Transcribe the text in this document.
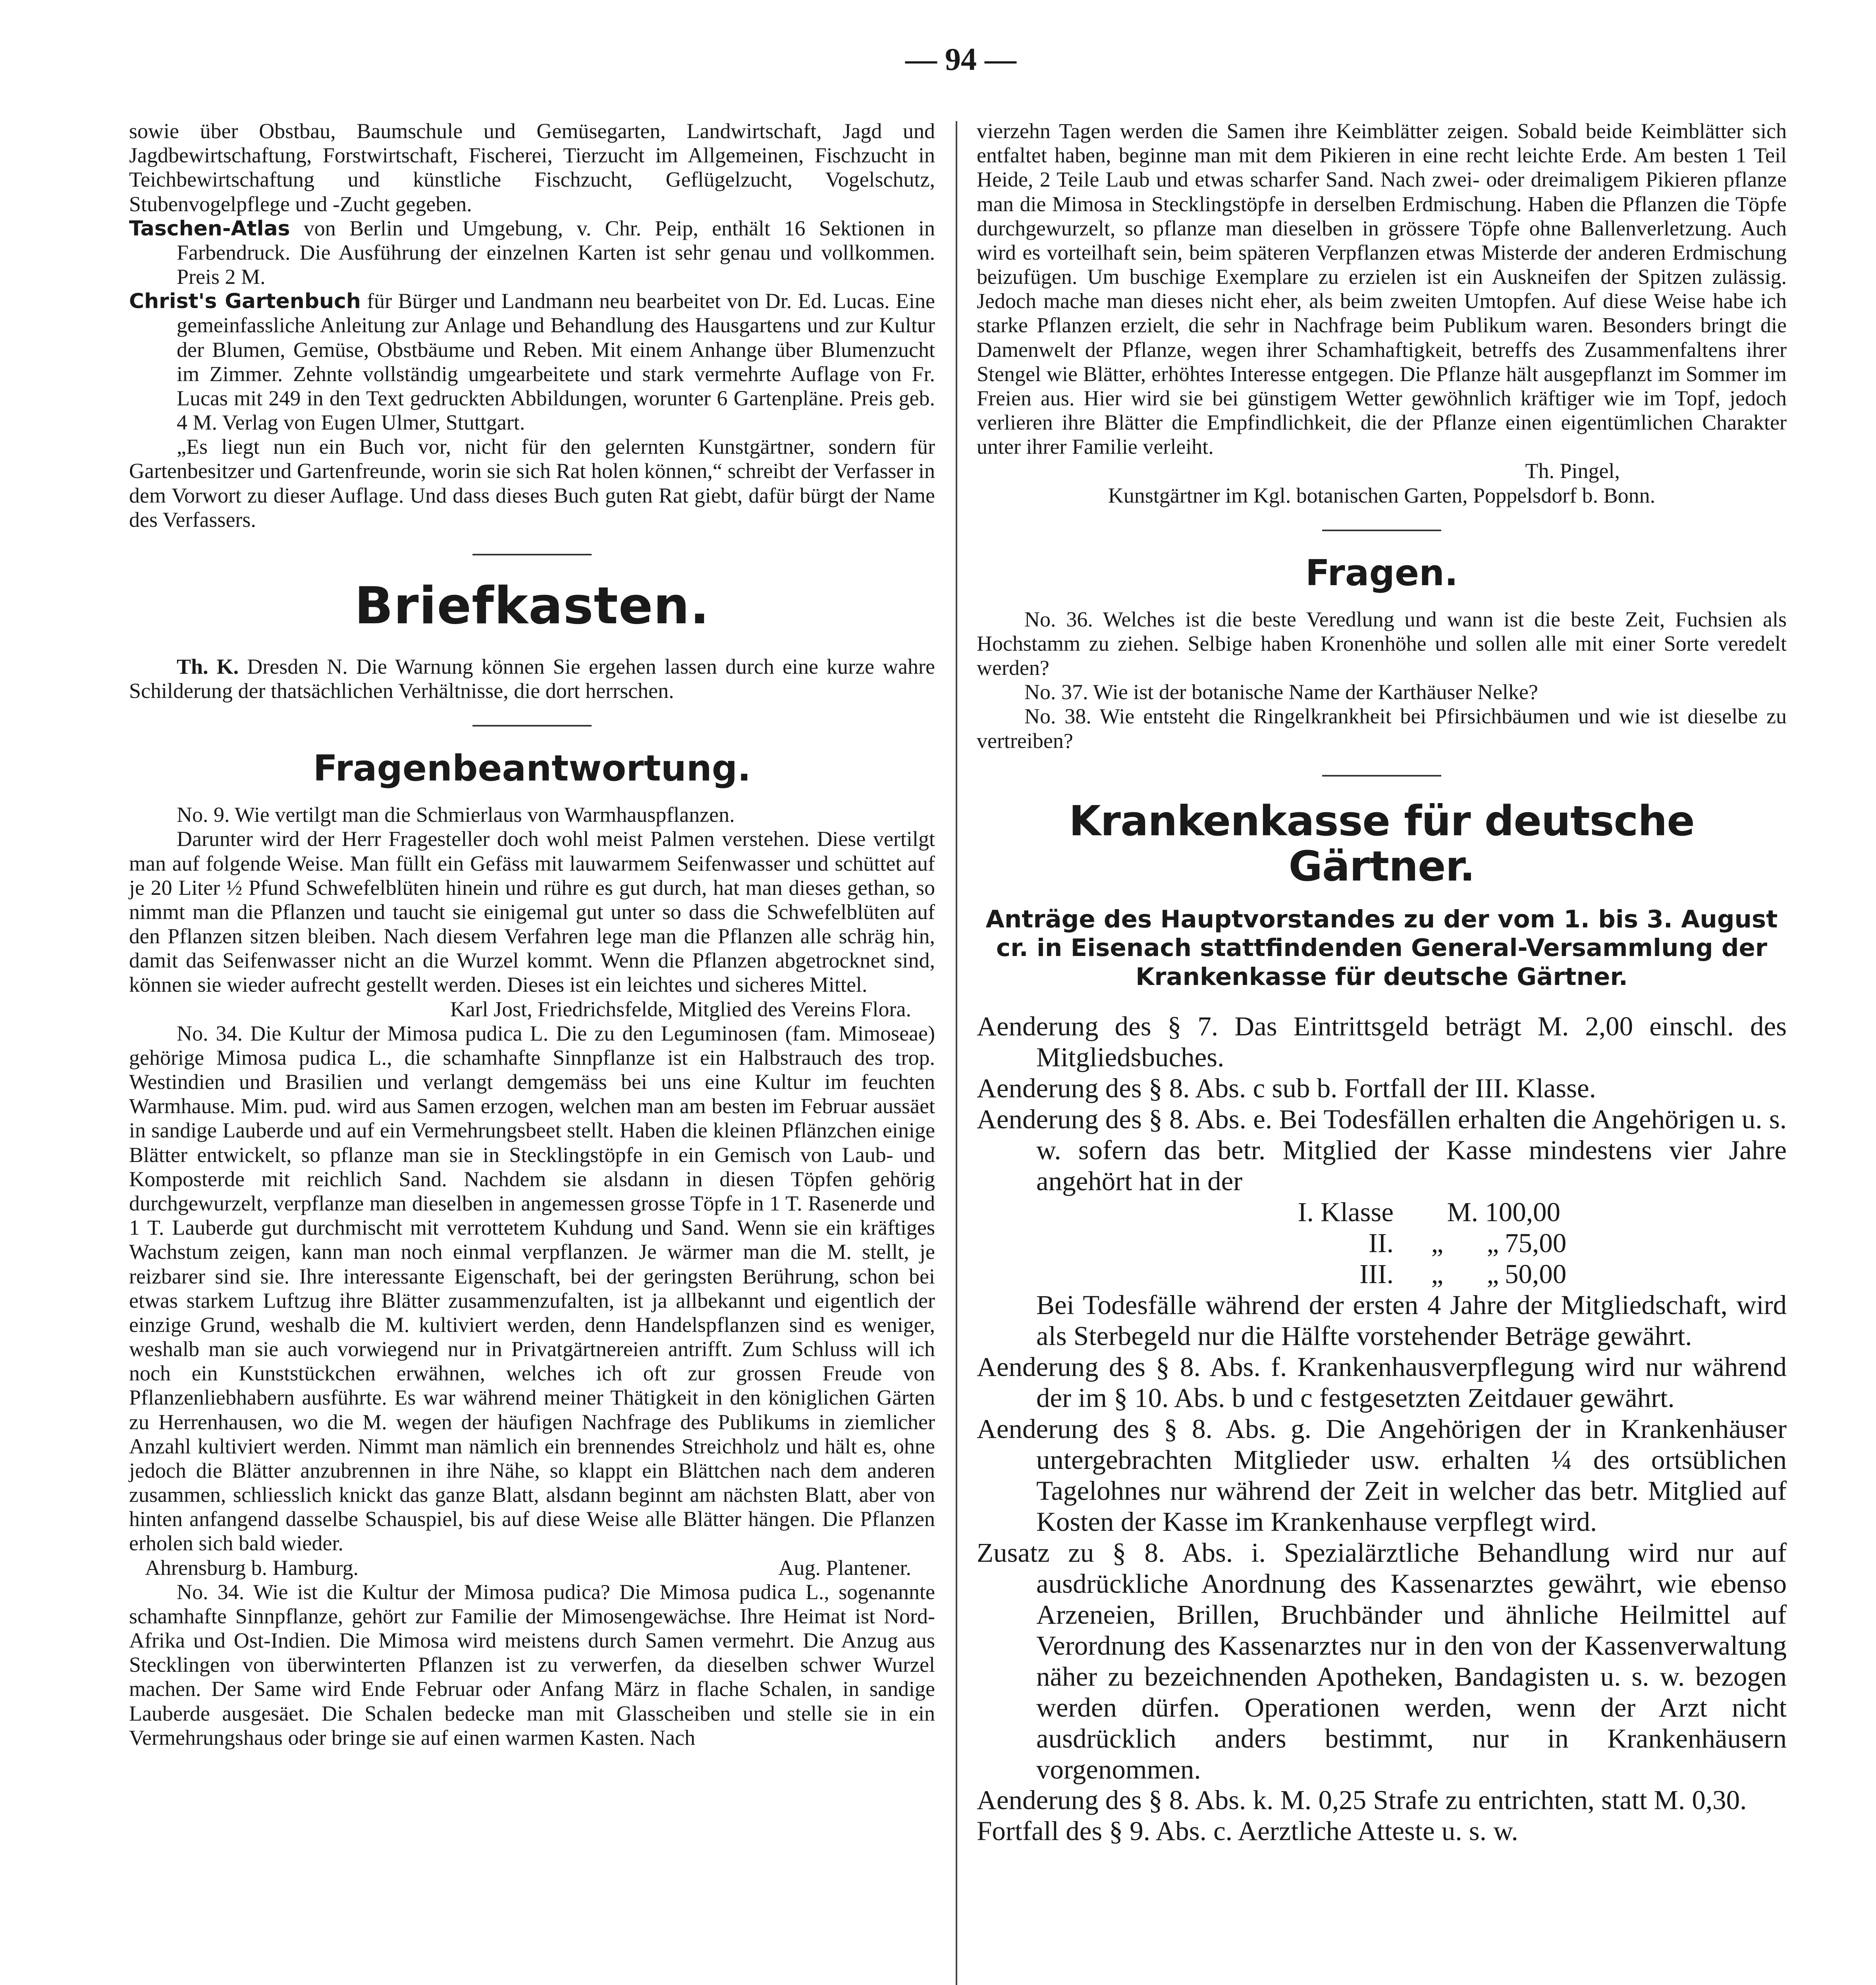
— 94 —

sowie über Obstbau, Baumschule und Gemüsegarten, Landwirtschaft, Jagd und Jagdbewirtschaftung, Forstwirtschaft, Fischerei, Tierzucht im Allgemeinen, Fischzucht in Teichbewirtschaftung und künstliche Fischzucht, Geflügelzucht, Vogelschutz, Stubenvogelpflege und -Zucht gegeben.

Taschen-Atlas von Berlin und Umgebung, v. Chr. Peip, enthält 16 Sektionen in Farbendruck. Die Ausführung der einzelnen Karten ist sehr genau und vollkommen. Preis 2 M.

Christ's Gartenbuch für Bürger und Landmann neu bearbeitet von Dr. Ed. Lucas. Eine gemeinfassliche Anleitung zur Anlage und Behandlung des Hausgartens und zur Kultur der Blumen, Gemüse, Obstbäume und Reben. Mit einem Anhange über Blumenzucht im Zimmer. Zehnte vollständig umgearbeitete und stark vermehrte Auflage von Fr. Lucas mit 249 in den Text gedruckten Abbildungen, worunter 6 Gartenpläne. Preis geb. 4 M. Verlag von Eugen Ulmer, Stuttgart.

„Es liegt nun ein Buch vor, nicht für den gelernten Kunstgärtner, sondern für Gartenbesitzer und Gartenfreunde, worin sie sich Rat holen können,“ schreibt der Verfasser in dem Vorwort zu dieser Auflage. Und dass dieses Buch guten Rat giebt, dafür bürgt der Name des Verfassers.

Briefkasten.

Th. K. Dresden N. Die Warnung können Sie ergehen lassen durch eine kurze wahre Schilderung der thatsächlichen Verhältnisse, die dort herrschen.

Fragenbeantwortung.

No. 9. Wie vertilgt man die Schmierlaus von Warmhauspflanzen.

Darunter wird der Herr Fragesteller doch wohl meist Palmen verstehen. Diese vertilgt man auf folgende Weise. Man füllt ein Gefäss mit lauwarmem Seifenwasser und schüttet auf je 20 Liter ½ Pfund Schwefelblüten hinein und rühre es gut durch, hat man dieses gethan, so nimmt man die Pflanzen und taucht sie einigemal gut unter so dass die Schwefelblüten auf den Pflanzen sitzen bleiben. Nach diesem Verfahren lege man die Pflanzen alle schräg hin, damit das Seifenwasser nicht an die Wurzel kommt. Wenn die Pflanzen abgetrocknet sind, können sie wieder aufrecht gestellt werden. Dieses ist ein leichtes und sicheres Mittel.

Karl Jost, Friedrichsfelde, Mitglied des Vereins Flora.

No. 34. Die Kultur der Mimosa pudica L. Die zu den Leguminosen (fam. Mimoseae) gehörige Mimosa pudica L., die schamhafte Sinnpflanze ist ein Halbstrauch des trop. Westindien und Brasilien und verlangt demgemäss bei uns eine Kultur im feuchten Warmhause. Mim. pud. wird aus Samen erzogen, welchen man am besten im Februar aussäet in sandige Lauberde und auf ein Vermehrungsbeet stellt. Haben die kleinen Pflänzchen einige Blätter entwickelt, so pflanze man sie in Stecklingstöpfe in ein Gemisch von Laub- und Komposterde mit reichlich Sand. Nachdem sie alsdann in diesen Töpfen gehörig durchgewurzelt, verpflanze man dieselben in angemessen grosse Töpfe in 1 T. Rasenerde und 1 T. Lauberde gut durchmischt mit verrottetem Kuhdung und Sand. Wenn sie ein kräftiges Wachstum zeigen, kann man noch einmal verpflanzen. Je wärmer man die M. stellt, je reizbarer sind sie. Ihre interessante Eigenschaft, bei der geringsten Berührung, schon bei etwas starkem Luftzug ihre Blätter zusammenzufalten, ist ja allbekannt und eigentlich der einzige Grund, weshalb die M. kultiviert werden, denn Handelspflanzen sind es weniger, weshalb man sie auch vorwiegend nur in Privatgärtnereien antrifft. Zum Schluss will ich noch ein Kunststückchen erwähnen, welches ich oft zur grossen Freude von Pflanzenliebhabern ausführte. Es war während meiner Thätigkeit in den königlichen Gärten zu Herrenhausen, wo die M. wegen der häufigen Nachfrage des Publikums in ziemlicher Anzahl kultiviert werden. Nimmt man nämlich ein brennendes Streichholz und hält es, ohne jedoch die Blätter anzubrennen in ihre Nähe, so klappt ein Blättchen nach dem anderen zusammen, schliesslich knickt das ganze Blatt, alsdann beginnt am nächsten Blatt, aber von hinten anfangend dasselbe Schauspiel, bis auf diese Weise alle Blätter hängen. Die Pflanzen erholen sich bald wieder.

Ahrensburg b. Hamburg.	Aug. Plantener.

No. 34. Wie ist die Kultur der Mimosa pudica? Die Mimosa pudica L., sogenannte schamhafte Sinnpflanze, gehört zur Familie der Mimosengewächse. Ihre Heimat ist Nord-Afrika und Ost-Indien. Die Mimosa wird meistens durch Samen vermehrt. Die Anzug aus Stecklingen von überwinterten Pflanzen ist zu verwerfen, da dieselben schwer Wurzel machen. Der Same wird Ende Februar oder Anfang März in flache Schalen, in sandige Lauberde ausgesäet. Die Schalen bedecke man mit Glasscheiben und stelle sie in ein Vermehrungshaus oder bringe sie auf einen warmen Kasten. Nach

vierzehn Tagen werden die Samen ihre Keimblätter zeigen. Sobald beide Keimblätter sich entfaltet haben, beginne man mit dem Pikieren in eine recht leichte Erde. Am besten 1 Teil Heide, 2 Teile Laub und etwas scharfer Sand. Nach zwei- oder dreimaligem Pikieren pflanze man die Mimosa in Stecklingstöpfe in derselben Erdmischung. Haben die Pflanzen die Töpfe durchgewurzelt, so pflanze man dieselben in grössere Töpfe ohne Ballenverletzung. Auch wird es vorteilhaft sein, beim späteren Verpflanzen etwas Misterde der anderen Erdmischung beizufügen. Um buschige Exemplare zu erzielen ist ein Auskneifen der Spitzen zulässig. Jedoch mache man dieses nicht eher, als beim zweiten Umtopfen. Auf diese Weise habe ich starke Pflanzen erzielt, die sehr in Nachfrage beim Publikum waren. Besonders bringt die Damenwelt der Pflanze, wegen ihrer Schamhaftigkeit, betreffs des Zusammenfaltens ihrer Stengel wie Blätter, erhöhtes Interesse entgegen. Die Pflanze hält ausgepflanzt im Sommer im Freien aus. Hier wird sie bei günstigem Wetter gewöhnlich kräftiger wie im Topf, jedoch verlieren ihre Blätter die Empfindlichkeit, die der Pflanze einen eigentümlichen Charakter unter ihrer Familie verleiht.

Th. Pingel,

Kunstgärtner im Kgl. botanischen Garten, Poppelsdorf b. Bonn.

Fragen.

No. 36. Welches ist die beste Veredlung und wann ist die beste Zeit, Fuchsien als Hochstamm zu ziehen. Selbige haben Kronenhöhe und sollen alle mit einer Sorte veredelt werden?

No. 37. Wie ist der botanische Name der Karthäuser Nelke?

No. 38. Wie entsteht die Ringelkrankheit bei Pfirsichbäumen und wie ist dieselbe zu vertreiben?

Krankenkasse für deutsche Gärtner.
Anträge des Hauptvorstandes zu der vom 1. bis 3. August cr. in Eisenach stattfindenden General-Versammlung der Krankenkasse für deutsche Gärtner.

Aenderung des § 7. Das Eintrittsgeld beträgt M. 2,00 einschl. des Mitgliedsbuches.

Aenderung des § 8. Abs. c sub b. Fortfall der III. Klasse.

Aenderung des § 8. Abs. e. Bei Todesfällen erhalten die Angehörigen u. s. w. sofern das betr. Mitglied der Kasse mindestens vier Jahre angehört hat in der

I. Klasse	M. 100,00
II.	„	„ 75,00
III.	„	„ 50,00

Bei Todesfälle während der ersten 4 Jahre der Mitgliedschaft, wird als Sterbegeld nur die Hälfte vorstehender Beträge gewährt.

Aenderung des § 8. Abs. f. Krankenhausverpflegung wird nur während der im § 10. Abs. b und c festgesetzten Zeitdauer gewährt.

Aenderung des § 8. Abs. g. Die Angehörigen der in Krankenhäuser untergebrachten Mitglieder usw. erhalten ¼ des ortsüblichen Tagelohnes nur während der Zeit in welcher das betr. Mitglied auf Kosten der Kasse im Krankenhause verpflegt wird.

Zusatz zu § 8. Abs. i. Spezialärztliche Behandlung wird nur auf ausdrückliche Anordnung des Kassenarztes gewährt, wie ebenso Arzeneien, Brillen, Bruchbänder und ähnliche Heilmittel auf Verordnung des Kassenarztes nur in den von der Kassenverwaltung näher zu bezeichnenden Apotheken, Bandagisten u. s. w. bezogen werden dürfen. Operationen werden, wenn der Arzt nicht ausdrücklich anders bestimmt, nur in Krankenhäusern vorgenommen.

Aenderung des § 8. Abs. k. M. 0,25 Strafe zu entrichten, statt M. 0,30.

Fortfall des § 9. Abs. c. Aerztliche Atteste u. s. w.
